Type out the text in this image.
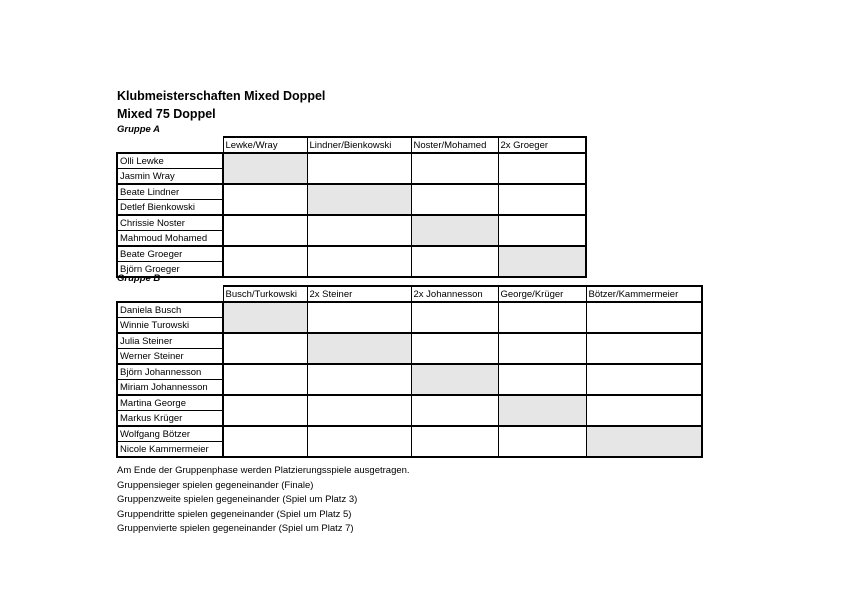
Klubmeisterschaften Mixed Doppel
Mixed 75 Doppel
Gruppe A
	Lewke/Wray	Lindner/Bienkowski	Noster/Mohamed	2x Groeger
Olli Lewke				
Jasmin Wray				
Beate Lindner				
Detlef Bienkowski				
Chrissie Noster				
Mahmoud Mohamed				
Beate Groeger				
Björn Groeger				
Gruppe B
	Busch/Turkowski	2x Steiner	2x Johannesson	George/Krüger	Bötzer/Kammermeier
Daniela Busch					
Winnie Turowski					
Julia Steiner					
Werner Steiner					
Björn Johannesson					
Miriam Johannesson					
Martina George					
Markus Krüger					
Wolfgang Bötzer					
Nicole Kammermeier					
Am Ende der Gruppenphase werden Platzierungsspiele ausgetragen.
Gruppensieger spielen gegeneinander (Finale)
Gruppenzweite spielen gegeneinander (Spiel um Platz 3)
Gruppendritte spielen gegeneinander (Spiel um Platz 5)
Gruppenvierte spielen gegeneinander (Spiel um Platz 7)
